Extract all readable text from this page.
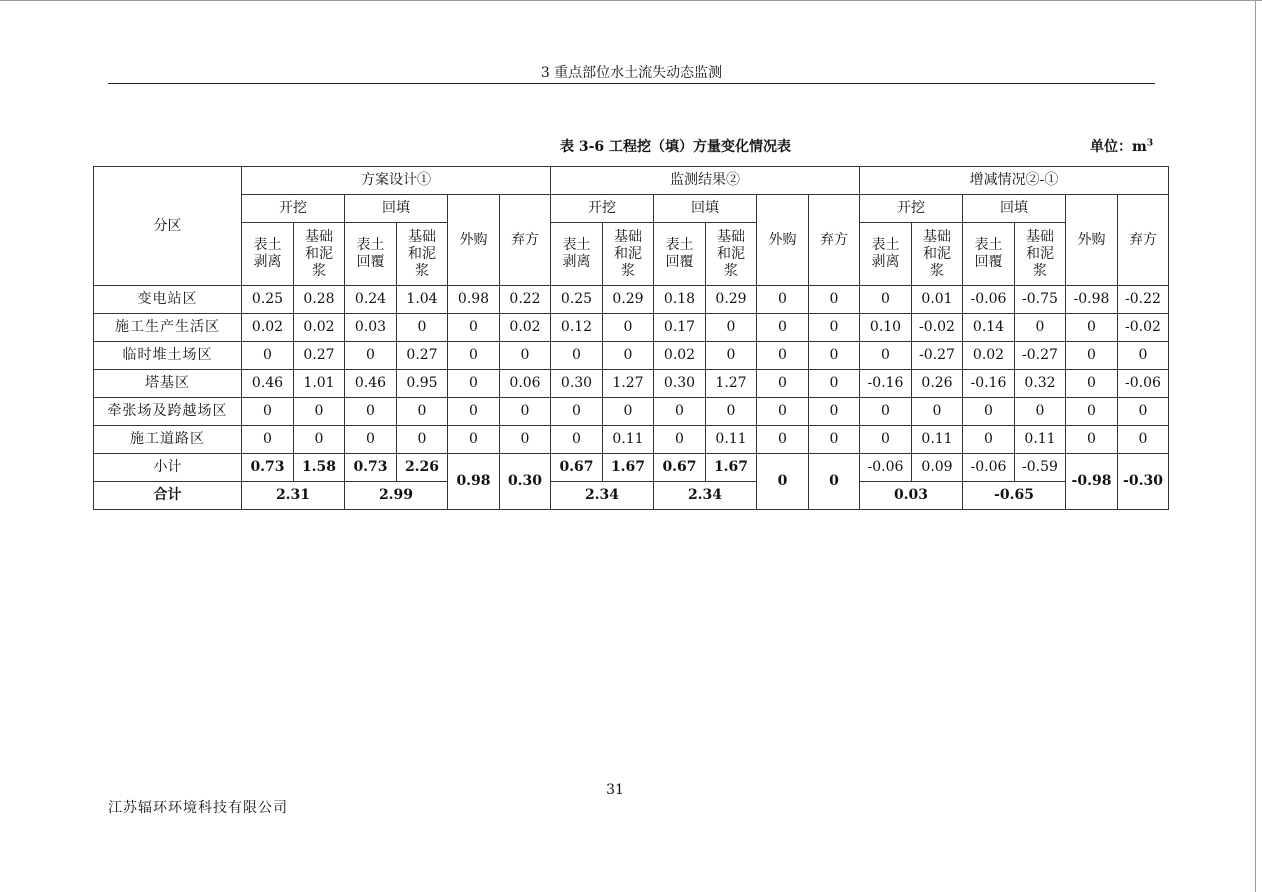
3 重点部位水土流失动态监测
表 3-6 工程挖（填）方量变化情况表	单位：$m^3$
分区	方案设计①						监测结果②						增减情况②-①					
	开挖		回填		外购	弃方	开挖		回填		外购	弃方	开挖		回填		外购	弃方
	表土剥离	基础和泥浆	表土回覆	基础和泥浆			表土剥离	基础和泥浆	表土回覆	基础和泥浆			表土剥离	基础和泥浆	表土回覆	基础和泥浆		
变电站区	0.25	0.28	0.24	1.04	0.98	0.22	0.25	0.29	0.18	0.29	0	0	0	0.01	-0.06	-0.75	-0.98	-0.22
施工生产生活区	0.02	0.02	0.03	0	0	0.02	0.12	0	0.17	0	0	0	0.10	-0.02	0.14	0	0	-0.02
临时堆土场区	0	0.27	0	0.27	0	0	0	0	0.02	0	0	0	0	-0.27	0.02	-0.27	0	0
塔基区	0.46	1.01	0.46	0.95	0	0.06	0.30	1.27	0.30	1.27	0	0	-0.16	0.26	-0.16	0.32	0	-0.06
牵张场及跨越场区	0	0	0	0	0	0	0	0	0	0	0	0	0	0	0	0	0	0
施工道路区	0	0	0	0	0	0	0	0.11	0	0.11	0	0	0	0.11	0	0.11	0	0
小计	0.73	1.58	0.73	2.26	0.98	0.30	0.67	1.67	0.67	1.67	0	0	-0.06	0.09	-0.06	-0.59	-0.98	-0.30
合计	2.31		2.99				2.34		2.34				0.03		-0.65			
31
江苏辐环环境科技有限公司
